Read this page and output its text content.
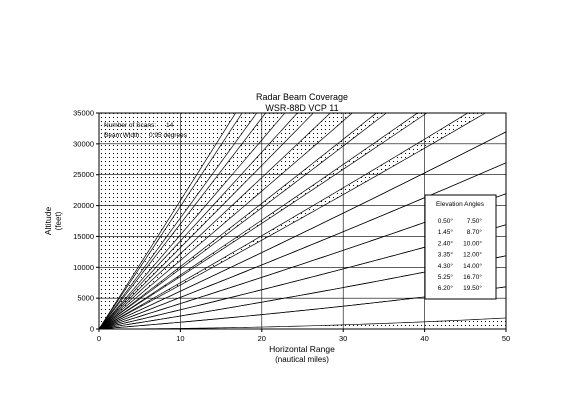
Radar Beam Coverage
WSR-88D VCP 11
0	10	20	30	40	50
0
5000
10000
15000
20000
25000
30000
35000
Number of Scans: 14
Beam Width: 0.95 degrees
Elevation Angles
0.50° 7.50°
1.45° 8.70°
2.40° 10.00°
3.35° 12.00°
4.30° 14.00°
5.25° 16.70°
6.20° 19.50°
Horizontal Range
(nautical miles)
Altitude (feet)
